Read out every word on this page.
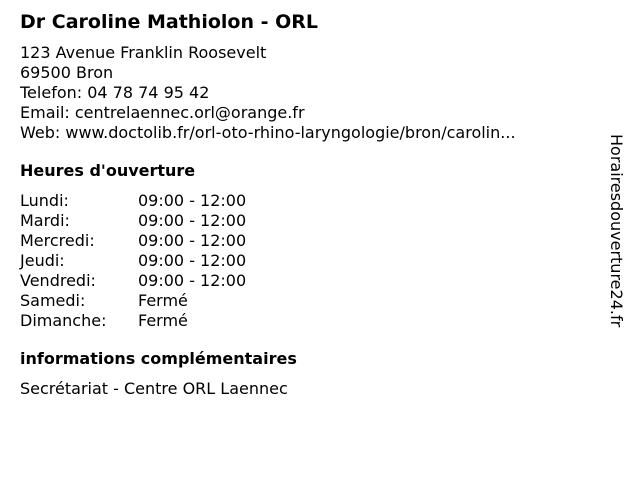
Dr Caroline Mathiolon - ORL
123 Avenue Franklin Roosevelt
69500 Bron
Telefon: 04 78 74 95 42
Email: centrelaennec.orl@orange.fr
Web: www.doctolib.fr/orl-oto-rhino-laryngologie/bron/carolin...
Heures d'ouverture
Lundi:	09:00 - 12:00
Mardi:	09:00 - 12:00
Mercredi:	09:00 - 12:00
Jeudi:	09:00 - 12:00
Vendredi:	09:00 - 12:00
Samedi:	Fermé
Dimanche:	Fermé
informations complémentaires
Secrétariat - Centre ORL Laennec
Horairesdouverture24.fr
